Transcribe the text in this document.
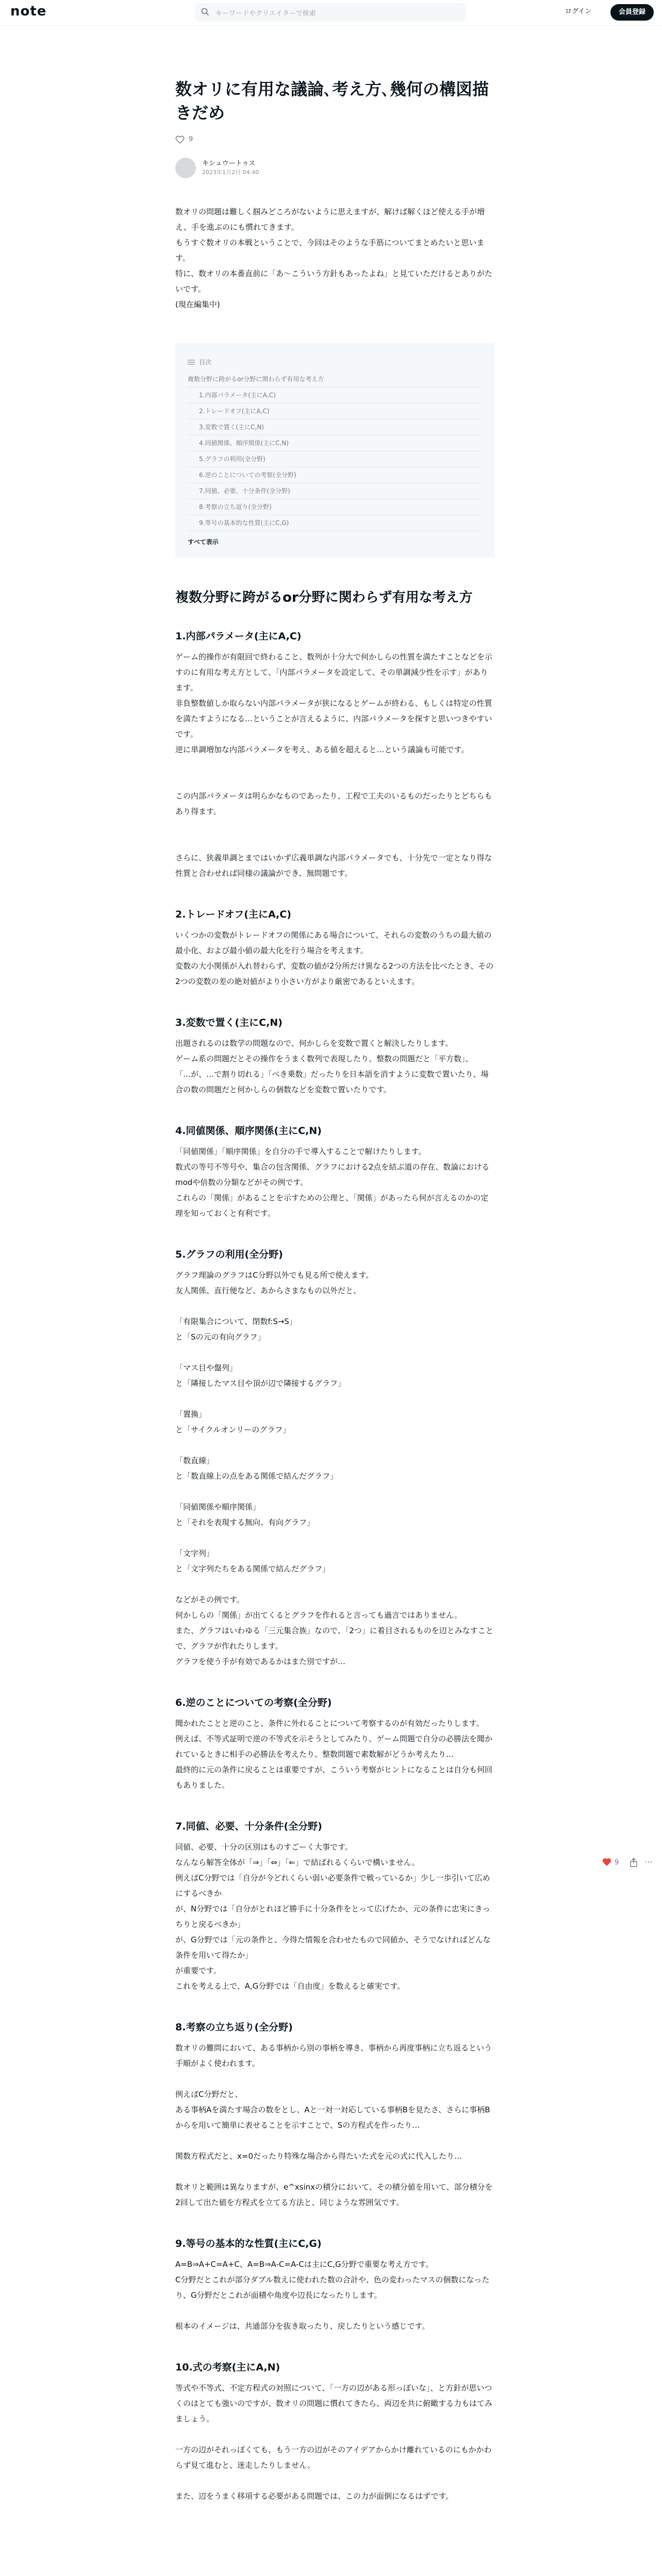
note	キーワードやクリエイターで検索	ログイン	会員登録
数オリに有用な議論､考え方､幾何の構図描きだめ
9
キシュウートゥス
2023年1月2日 04:40

数オリの問題は難しく掴みどころがないように思えますが、解けば解くほど使える手が増え、手を進ぶのにも慣れてきます。

もうすぐ数オリの本戦ということで、今回はそのような手筋についてまとめたいと思います。

特に、数オリの本番直前に「あ〜こういう方針もあったよね」と見ていただけるとありがたいです。

(現在編集中)

目次
複数分野に跨がるor分野に関わらず有用な考え方
1.内部パラメータ(主にA,C)
2.トレードオフ(主にA,C)
3.変数で置く(主にC,N)
4.同値関係、順序関係(主にC,N)
5.グラフの利用(全分野)
6.逆のことについての考察(全分野)
7.同値、必要、十分条件(全分野)
8.考察の立ち返り(全分野)
9.等号の基本的な性質(主にC,G)
すべて表示
複数分野に跨がるor分野に関わらず有用な考え方
1.内部パラメータ(主にA,C)

ゲーム的操作が有限回で終わること、数列が十分大で何かしらの性質を満たすことなどを示すのに有用な考え方として、「内部パラメータを設定して、その単調減少性を示す」があります。

非負整数値しか取らない内部パラメータが狭になるとゲームが終わる、もしくは特定の性質を満たすようになる…ということが言えるように、内部パラメータを探すと思いつきやすいです。

逆に単調増加な内部パラメータを考え、ある値を超えると…という議論も可能です。

この内部パラメータは明らかなものであったり、工程で工夫のいるものだったりとどちらもあり得ます。

さらに、狭義単調とまではいかず広義単調な内部パラメータでも、十分先で一定となり得な性質と合わせれば同様の議論ができ、無問題です。

2.トレードオフ(主にA,C)

いくつかの変数がトレードオフの関係にある場合について、それらの変数のうちの最大値の最小化、および最小値の最大化を行う場合を考えます。

変数の大小関係が入れ替わらず、変数の値が2分所だけ異なる2つの方法を比べたとき、その2つの変数の差の絶対値がより小さい方がより厳密であるといえます。

3.変数で置く(主にC,N)

出題されるのは数学の問題なので、何かしらを変数で置くと解決したりします。

ゲーム系の問題だとその操作をうまく数列で表現したり、整数の問題だと「平方数」、

「…が、…で割り切れる」「べき乗数」だったりを日本語を消すように変数で置いたり、場合の数の問題だと何かしらの個数などを変数で置いたりです。

4.同値関係、順序関係(主にC,N)

「同値関係」「順序関係」を自分の手で導入することで解けたりします。

数式の等号不等号や、集合の包含関係、グラフにおける2点を結ぶ道の存在、数論におけるmodや倍数の分類などがその例です。

これらの「関係」があることを示すための公理と、「関係」があったら何が言えるのかの定理を知っておくと有利です。

5.グラフの利用(全分野)

グラフ理論のグラフはC分野以外でも見る所で使えます。

友人関係、直行便など、あからさまなもの以外だと、

「有限集合について、閉数f:S→S」

と「Sの元の有向グラフ」

「マス目や盤列」

と「隣接したマス目や頂が辺で隣接するグラフ」

「置換」

と「サイクルオンリーのグラフ」

「数直線」

と「数直線上の点をある関係で結んだグラフ」

「同値関係や順序関係」

と「それを表現する無向、有向グラフ」

「文字列」

と「文字列たちをある関係で結んだグラフ」

などがその例です。

何かしらの「関係」が出てくるとグラフを作れると言っても過言ではありません。

また、グラフはいわゆる「三元集合族」なので、「2つ」に着目されるものを辺とみなすことで、グラフが作れたりします。

グラフを使う手が有効であるかはまた別ですが…

6.逆のことについての考察(全分野)

聞かれたことと逆のこと、条件に外れることについて考察するのが有効だったりします。

例えば、不等式証明で逆の不等式を示そうとしてみたり、ゲーム問題で自分の必勝法を聞かれているときに相手の必勝法を考えたり、整数問題で素数解がどうか考えたり…

最終的に元の条件に戻ることは重要ですが、こういう考察がヒントになることは自分も何回もありました。

7.同値、必要、十分条件(全分野)

同値、必要、十分の区別はものすごーく大事です。

なんなら解答全体が「⇒」「⇔」「⇐」で結ばれるくらいで構いません。

例えばC分野では「自分が今どれくらい弱い必要条件で戦っているか」少し一歩引いて広めにするべきか

が、N分野では「自分がとれほど勝手に十分条件をとって広げたか、元の条件に忠実にきっちりと戻るべきか」

が、G分野では「元の条件と、今得た情報を合わせたもので同値か、そうでなければどんな条件を用いて得たか」

が重要です。

これを考える上で、A,G分野では「自由度」を数えると確実です。

8.考察の立ち返り(全分野)

数オリの難問において、ある事柄から別の事柄を導き、事柄から再度事柄に立ち返るという手順がよく使われます。

例えばC分野だと、

ある事柄Aを満たす場合の数をとし、Aと一対一対応している事柄Bを見たさ、さらに事柄Bからを用いて簡単に表せることを示すことで、Sの方程式を作ったり…

関数方程式だと、x=0だったり特殊な場合から得たいた式を元の式に代入したり…

数オリと範囲は異なりますが、e^xsinxの積分において、その積分値を用いて、部分積分を2回して出た値を方程式を立てる方法と、同じような雰囲気です。

9.等号の基本的な性質(主にC,G)

A=B⇒A+C=A+C、A=B⇒A-C=A-Cは主にC,G分野で重要な考え方です。

C分野だとこれが部分ダブル数えに使われた数の合計や、色の変わったマスの個数になったり、G分野だとこれが面積や角度や辺長になったりします。

根本のイメージは、共通部分を抜き取ったり、戻したりという感じです。

10.式の考察(主にA,N)

等式や不等式、不定方程式の対照について、「一方の辺がある形っぽいな」、と方針が思いつくのはとても強いのですが、数オリの問題に慣れてきたら、両辺を共に俯瞰する力もはてみましょう。

一方の辺がそれっぽくても、もう一方の辺がそのアイデアからかけ離れているのにもかかわらず見て進むと、迷走したりしません。

また、辺をうまく移項する必要がある問題では、この力が面倒になるはずです。

9	⋯
